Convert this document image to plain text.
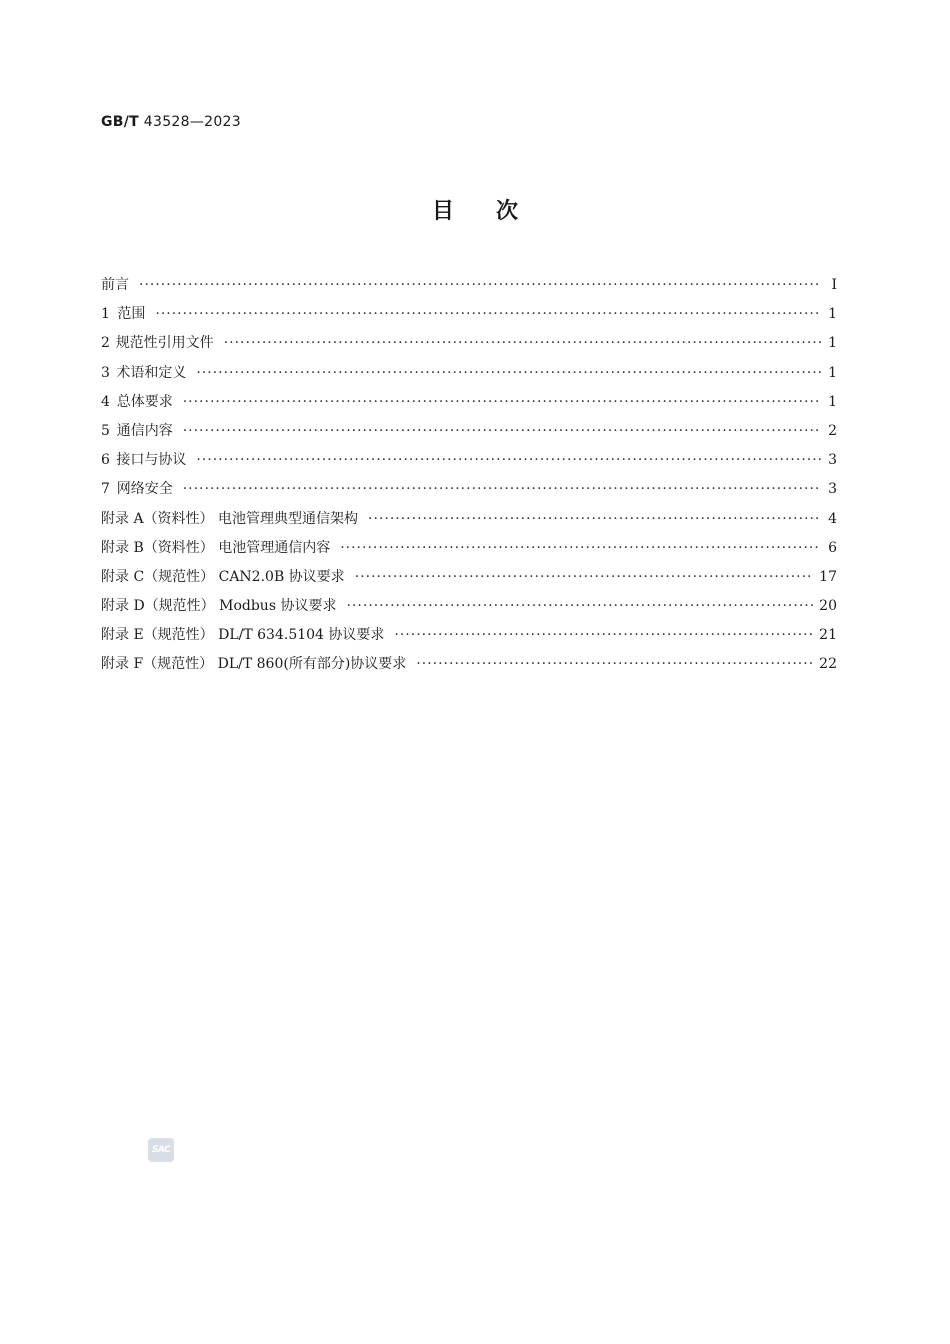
GB/T 43528—2023
目次
前言 ·····	Ⅰ
1 范围 ·····	1
2 规范性引用文件 ·····	1
3 术语和定义 ·····	1
4 总体要求 ·····	1
5 通信内容 ·····	2
6 接口与协议 ·····	3
7 网络安全 ·····	3
附录 A（资料性） 电池管理典型通信架构 ·····	4
附录 B（资料性） 电池管理通信内容 ·····	6
附录 C（规范性） CAN2.0B 协议要求 ·····	17
附录 D（规范性） Modbus 协议要求 ·····	20
附录 E（规范性） DL/T 634.5104 协议要求 ·····	21
附录 F（规范性） DL/T 860(所有部分)协议要求 ·····	22
SAC
